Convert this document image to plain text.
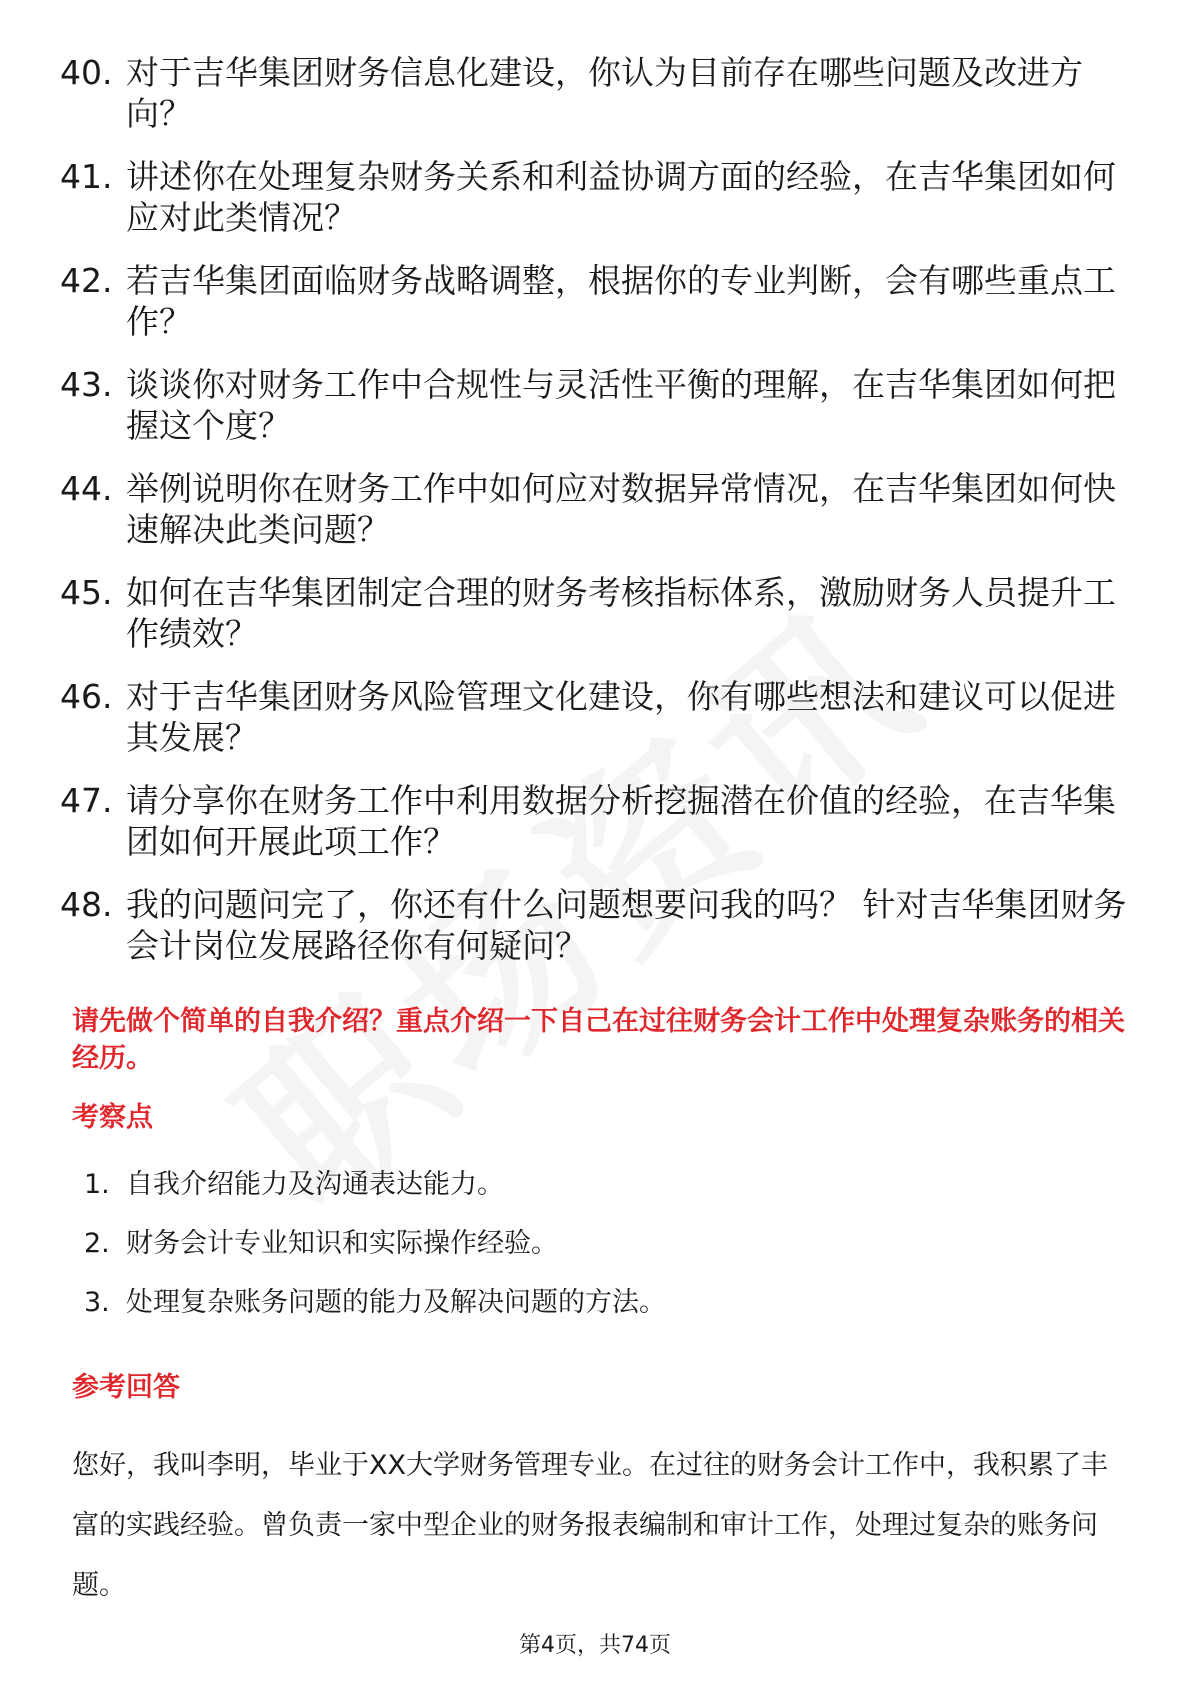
40. 对于吉华集团财务信息化建设，你认为目前存在哪些问题及改进方向？
41. 讲述你在处理复杂财务关系和利益协调方面的经验，在吉华集团如何应对此类情况？
42. 若吉华集团面临财务战略调整，根据你的专业判断，会有哪些重点工作？
43. 谈谈你对财务工作中合规性与灵活性平衡的理解，在吉华集团如何把握这个度？
44. 举例说明你在财务工作中如何应对数据异常情况，在吉华集团如何快速解决此类问题？
45. 如何在吉华集团制定合理的财务考核指标体系，激励财务人员提升工作绩效？
46. 对于吉华集团财务风险管理文化建设，你有哪些想法和建议可以促进其发展？
47. 请分享你在财务工作中利用数据分析挖掘潜在价值的经验，在吉华集团如何开展此项工作？
48. 我的问题问完了，你还有什么问题想要问我的吗？ 针对吉华集团财务会计岗位发展路径你有何疑问？
请先做个简单的自我介绍？重点介绍一下自己在过往财务会计工作中处理复杂账务的相关经历。
考察点
1. 自我介绍能力及沟通表达能力。
2. 财务会计专业知识和实际操作经验。
3. 处理复杂账务问题的能力及解决问题的方法。
参考回答

您好，我叫李明，毕业于XX大学财务管理专业。在过往的财务会计工作中，我积累了丰富的实践经验。曾负责一家中型企业的财务报表编制和审计工作，处理过复杂的账务问题。

第4页，共74页
